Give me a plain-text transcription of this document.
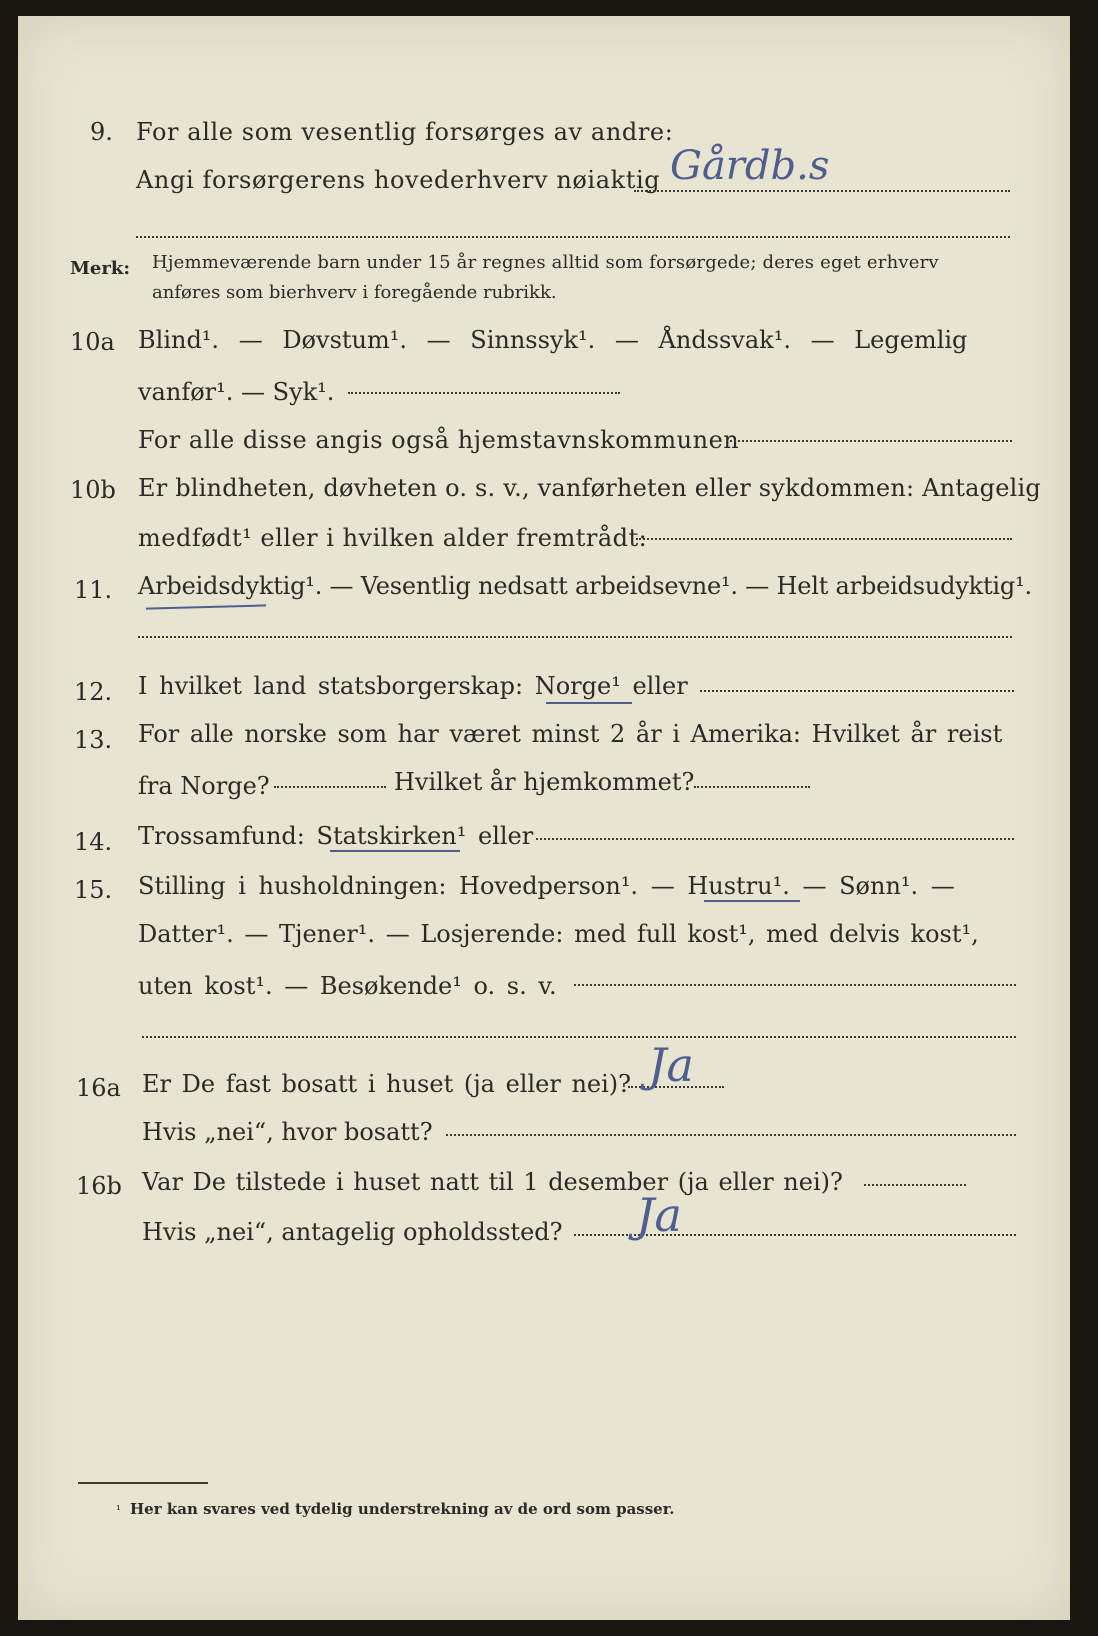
9. For alle som vesentlig forsørges av andre:
Angi forsørgerens hovederhverv nøiaktig Gårdb.s
Merk: Hjemmeværende barn under 15 år regnes alltid som forsørgede; deres eget erhverv
anføres som bierhverv i foregående rubrikk.
10a Blind¹. — Døvstum¹. — Sinnssyk¹. — Åndssvak¹. — Legemlig
vanfør¹. — Syk¹.
For alle disse angis også hjemstavnskommunen
10b Er blindheten, døvheten o. s. v., vanførheten eller sykdommen: Antagelig
medfødt¹ eller i hvilken alder fremtrådt:
11. Arbeidsdyktig¹. — Vesentlig nedsatt arbeidsevne¹. — Helt arbeidsudyktig¹.
12. I hvilket land statsborgerskap: Norge¹ eller
13. For alle norske som har været minst 2 år i Amerika: Hvilket år reist
fra Norge?	Hvilket år hjemkommet?
14. Trossamfund: Statskirken¹ eller
15. Stilling i husholdningen: Hovedperson¹. — Hustru¹. — Sønn¹. —
Datter¹. — Tjener¹. — Losjerende: med full kost¹, med delvis kost¹,
uten kost¹. — Besøkende¹ o. s. v.
16a Er De fast bosatt i huset (ja eller nei)? Ja
Hvis „nei“, hvor bosatt?
16b Var De tilstede i huset natt til 1 desember (ja eller nei)?
Hvis „nei“, antagelig opholdssted? Ja
¹ Her kan svares ved tydelig understrekning av de ord som passer.
